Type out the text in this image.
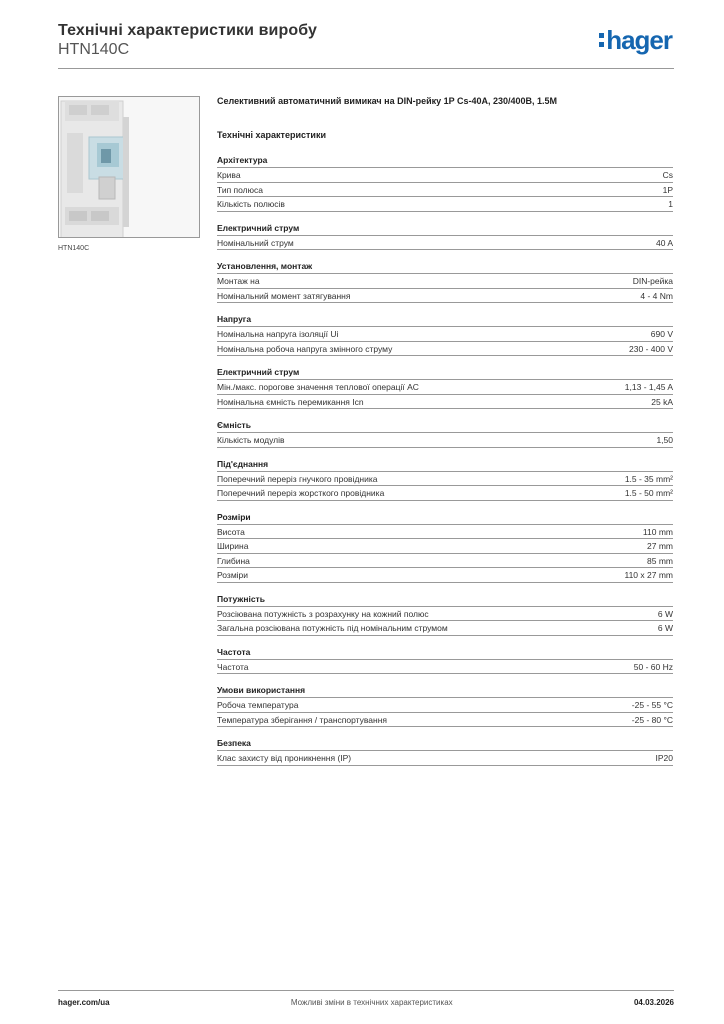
Технічні характеристики виробу
HTN140C	hager
HTN140C
Селективний автоматичний вимикач на DIN-рейку 1P Cs-40A, 230/400В, 1.5M
Технічні характеристики
Архітектура
Крива	Cs
Тип полюса	1P
Кількість полюсів	1
Електричний струм
Номінальний струм	40 A
Установлення, монтаж
Монтаж на	DIN-рейка
Номінальний момент затягування	4 - 4 Nm
Напруга
Номінальна напруга ізоляції Ui	690 V
Номінальна робоча напруга змінного струму	230 - 400 V
Електричний струм
Мін./макс. порогове значення теплової операції AC	1,13 - 1,45 A
Номінальна ємність перемикання Icn	25 kA
Ємність
Кількість модулів	1,50
Під'єднання
Поперечний переріз гнучкого провідника	1.5 - 35 mm²
Поперечний переріз жорсткого провідника	1.5 - 50 mm²
Розміри
Висота	110 mm
Ширина	27 mm
Глибина	85 mm
Розміри	110 x 27 mm
Потужність
Розсіювана потужність з розрахунку на кожний полюс	6 W
Загальна розсіювана потужність під номінальним струмом	6 W
Частота
Частота	50 - 60 Hz
Умови використання
Робоча температура	-25 - 55 °C
Температура зберігання / транспортування	-25 - 80 °C
Безпека
Клас захисту від проникнення (IP)	IP20
hager.com/ua	Можливі зміни в технічних характеристиках	04.03.2026
